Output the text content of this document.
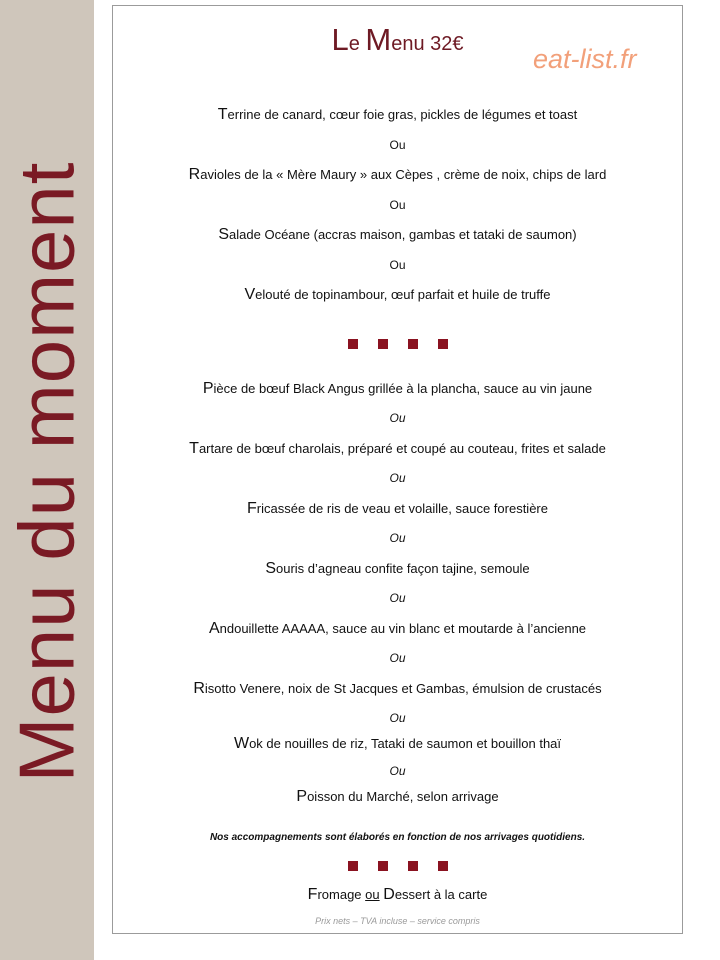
Menu du moment
Le Menu 32€	eat-list.fr
Terrine de canard, cœur foie gras, pickles de légumes et toast
Ou
Ravioles de la « Mère Maury » aux Cèpes , crème de noix, chips de lard
Ou
Salade Océane (accras maison, gambas et tataki de saumon)
Ou
Velouté de topinambour, œuf parfait et huile de truffe
Pièce de bœuf Black Angus grillée à la plancha, sauce au vin jaune
Ou
Tartare de bœuf charolais, préparé et coupé au couteau, frites et salade
Ou
Fricassée de ris de veau et volaille, sauce forestière
Ou
Souris d’agneau confite façon tajine, semoule
Ou
Andouillette AAAAA, sauce au vin blanc et moutarde à l’ancienne
Ou
Risotto Venere, noix de St Jacques et Gambas, émulsion de crustacés
Ou
Wok de nouilles de riz, Tataki de saumon et bouillon thaï
Ou
Poisson du Marché, selon arrivage
Nos accompagnements sont élaborés en fonction de nos arrivages quotidiens.
Fromage ou Dessert à la carte
Prix nets – TVA incluse – service compris
